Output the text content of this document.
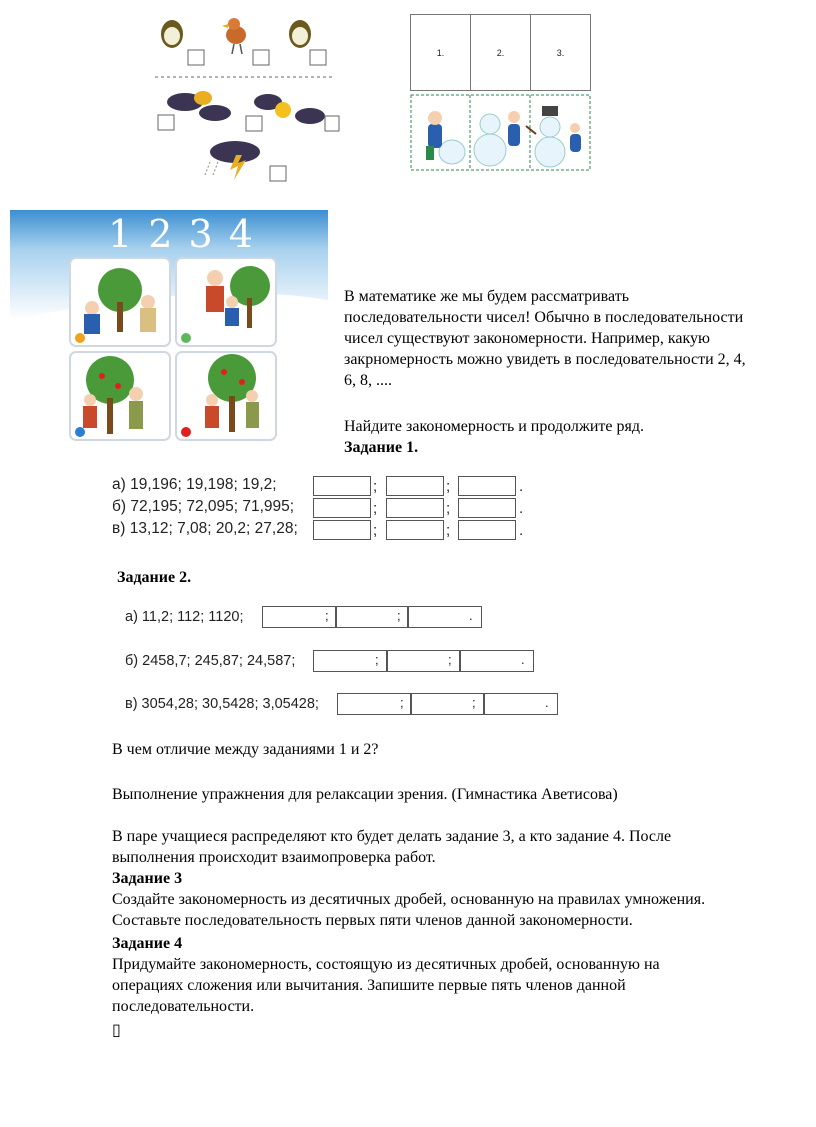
1.	2.	3.
1 2 3 4
В математике же мы будем рассматривать
последовательности чисел! Обычно в последовательности
чисел существуют закономерности. Например, какую
закрномерность можно увидеть в последовательности 2, 4,
6, 8, ....
Найдите закономерность и продолжите ряд.
Задание 1.
а) 19,196; 19,198; 19,2;	;	;	.
б) 72,195; 72,095; 71,995;	;	;	.
в) 13,12; 7,08; 20,2; 27,28;	;	;	.
Задание 2.
а) 11,2; 112; 1120;	;	;	.
б) 2458,7; 245,87; 24,587;	;	;	.
в) 3054,28; 30,5428; 3,05428;	;	;	.
В чем отличие между заданиями 1 и 2?
Выполнение упражнения для релаксации зрения. (Гимнастика Аветисова)
В паре учащиеся распределяют кто будет делать задание 3, а кто задание 4. После
выполнения происходит взаимопроверка работ.
Задание 3
Создайте закономерность из десятичных дробей, основанную на правилах умножения.
Составьте последовательность первых пяти членов данной закономерности.
Задание 4
Придумайте закономерность, состоящую из десятичных дробей, основанную на
операциях сложения или вычитания. Запишите первые пять членов данной
последовательности.
▯
